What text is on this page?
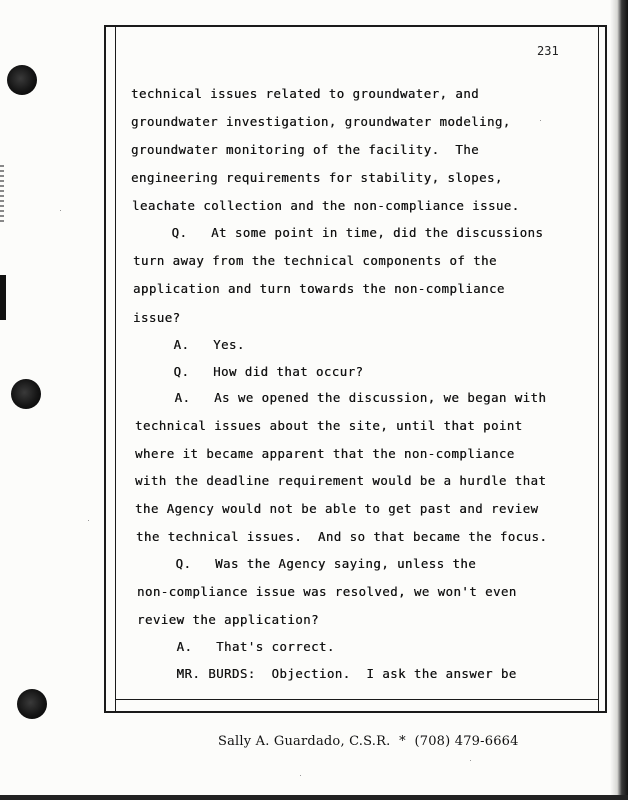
231
technical issues related to groundwater, and
groundwater investigation, groundwater modeling,
groundwater monitoring of the facility.  The
engineering requirements for stability, slopes,
leachate collection and the non-compliance issue.
Q.   At some point in time, did the discussions
turn away from the technical components of the
application and turn towards the non-compliance
issue?
A.   Yes.
Q.   How did that occur?
A.   As we opened the discussion, we began with
technical issues about the site, until that point
where it became apparent that the non-compliance
with the deadline requirement would be a hurdle that
the Agency would not be able to get past and review
the technical issues.  And so that became the focus.
Q.   Was the Agency saying, unless the
non-compliance issue was resolved, we won't even
review the application?
A.   That's correct.
MR. BURDS:  Objection.  I ask the answer be
Sally A. Guardado, C.S.R.  *  (708) 479-6664
